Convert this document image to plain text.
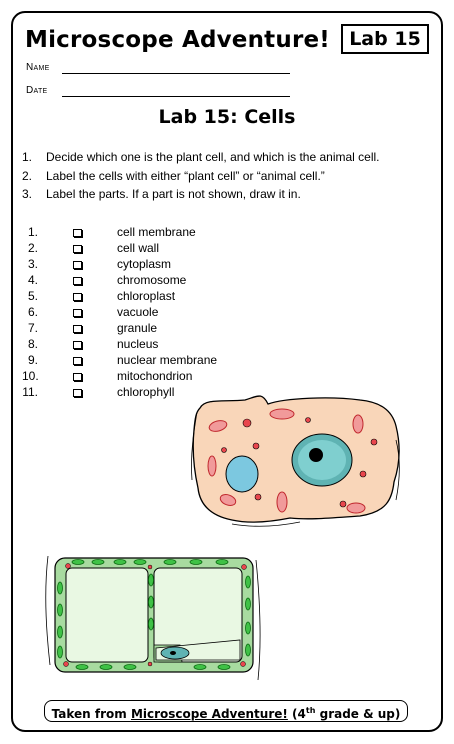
Microscope Adventure!	Lab 15
Name
Date
Lab 15: Cells
1. Decide which one is the plant cell, and which is the animal cell.
2. Label the cells with either “plant cell” or “animal cell.”
3. Label the parts. If a part is not shown, draw it in.
1.	cell membrane
2.	cell wall
3.	cytoplasm
4.	chromosome
5.	chloroplast
6.	vacuole
7.	granule
8.	nucleus
9.	nuclear membrane
10.	mitochondrion
11.	chlorophyll
Taken from Microscope Adventure! (4th grade & up)
